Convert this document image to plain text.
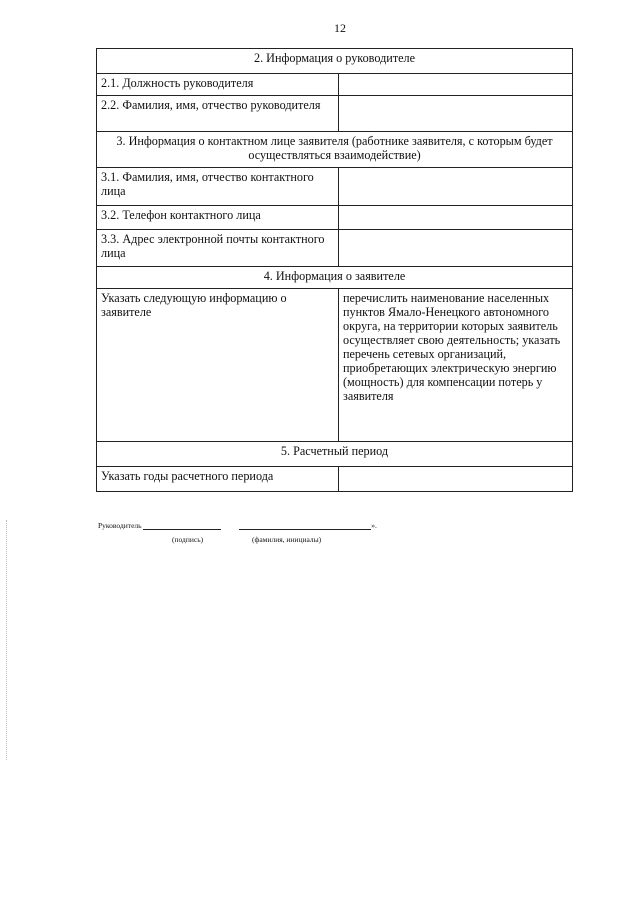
12
2. Информация о руководителе	
2.1. Должность руководителя	
2.2. Фамилия, имя, отчество руководителя	
3. Информация о контактном лице заявителя (работнике заявителя, с которым будет осуществляться взаимодействие)	
3.1. Фамилия, имя, отчество контактного лица	
3.2. Телефон контактного лица	
3.3. Адрес электронной почты контактного лица	
4. Информация о заявителе	
Указать следующую информацию о заявителе	перечислить наименование населенных пунктов Ямало-Ненецкого автономного округа, на территории которых заявитель осуществляет свою деятельность; указать перечень сетевых организаций, приобретающих электрическую энергию (мощность) для компенсации потерь у заявителя
5. Расчетный период	
Указать годы расчетного периода	
Руководитель	».
(подпись)	(фамилия, инициалы)
